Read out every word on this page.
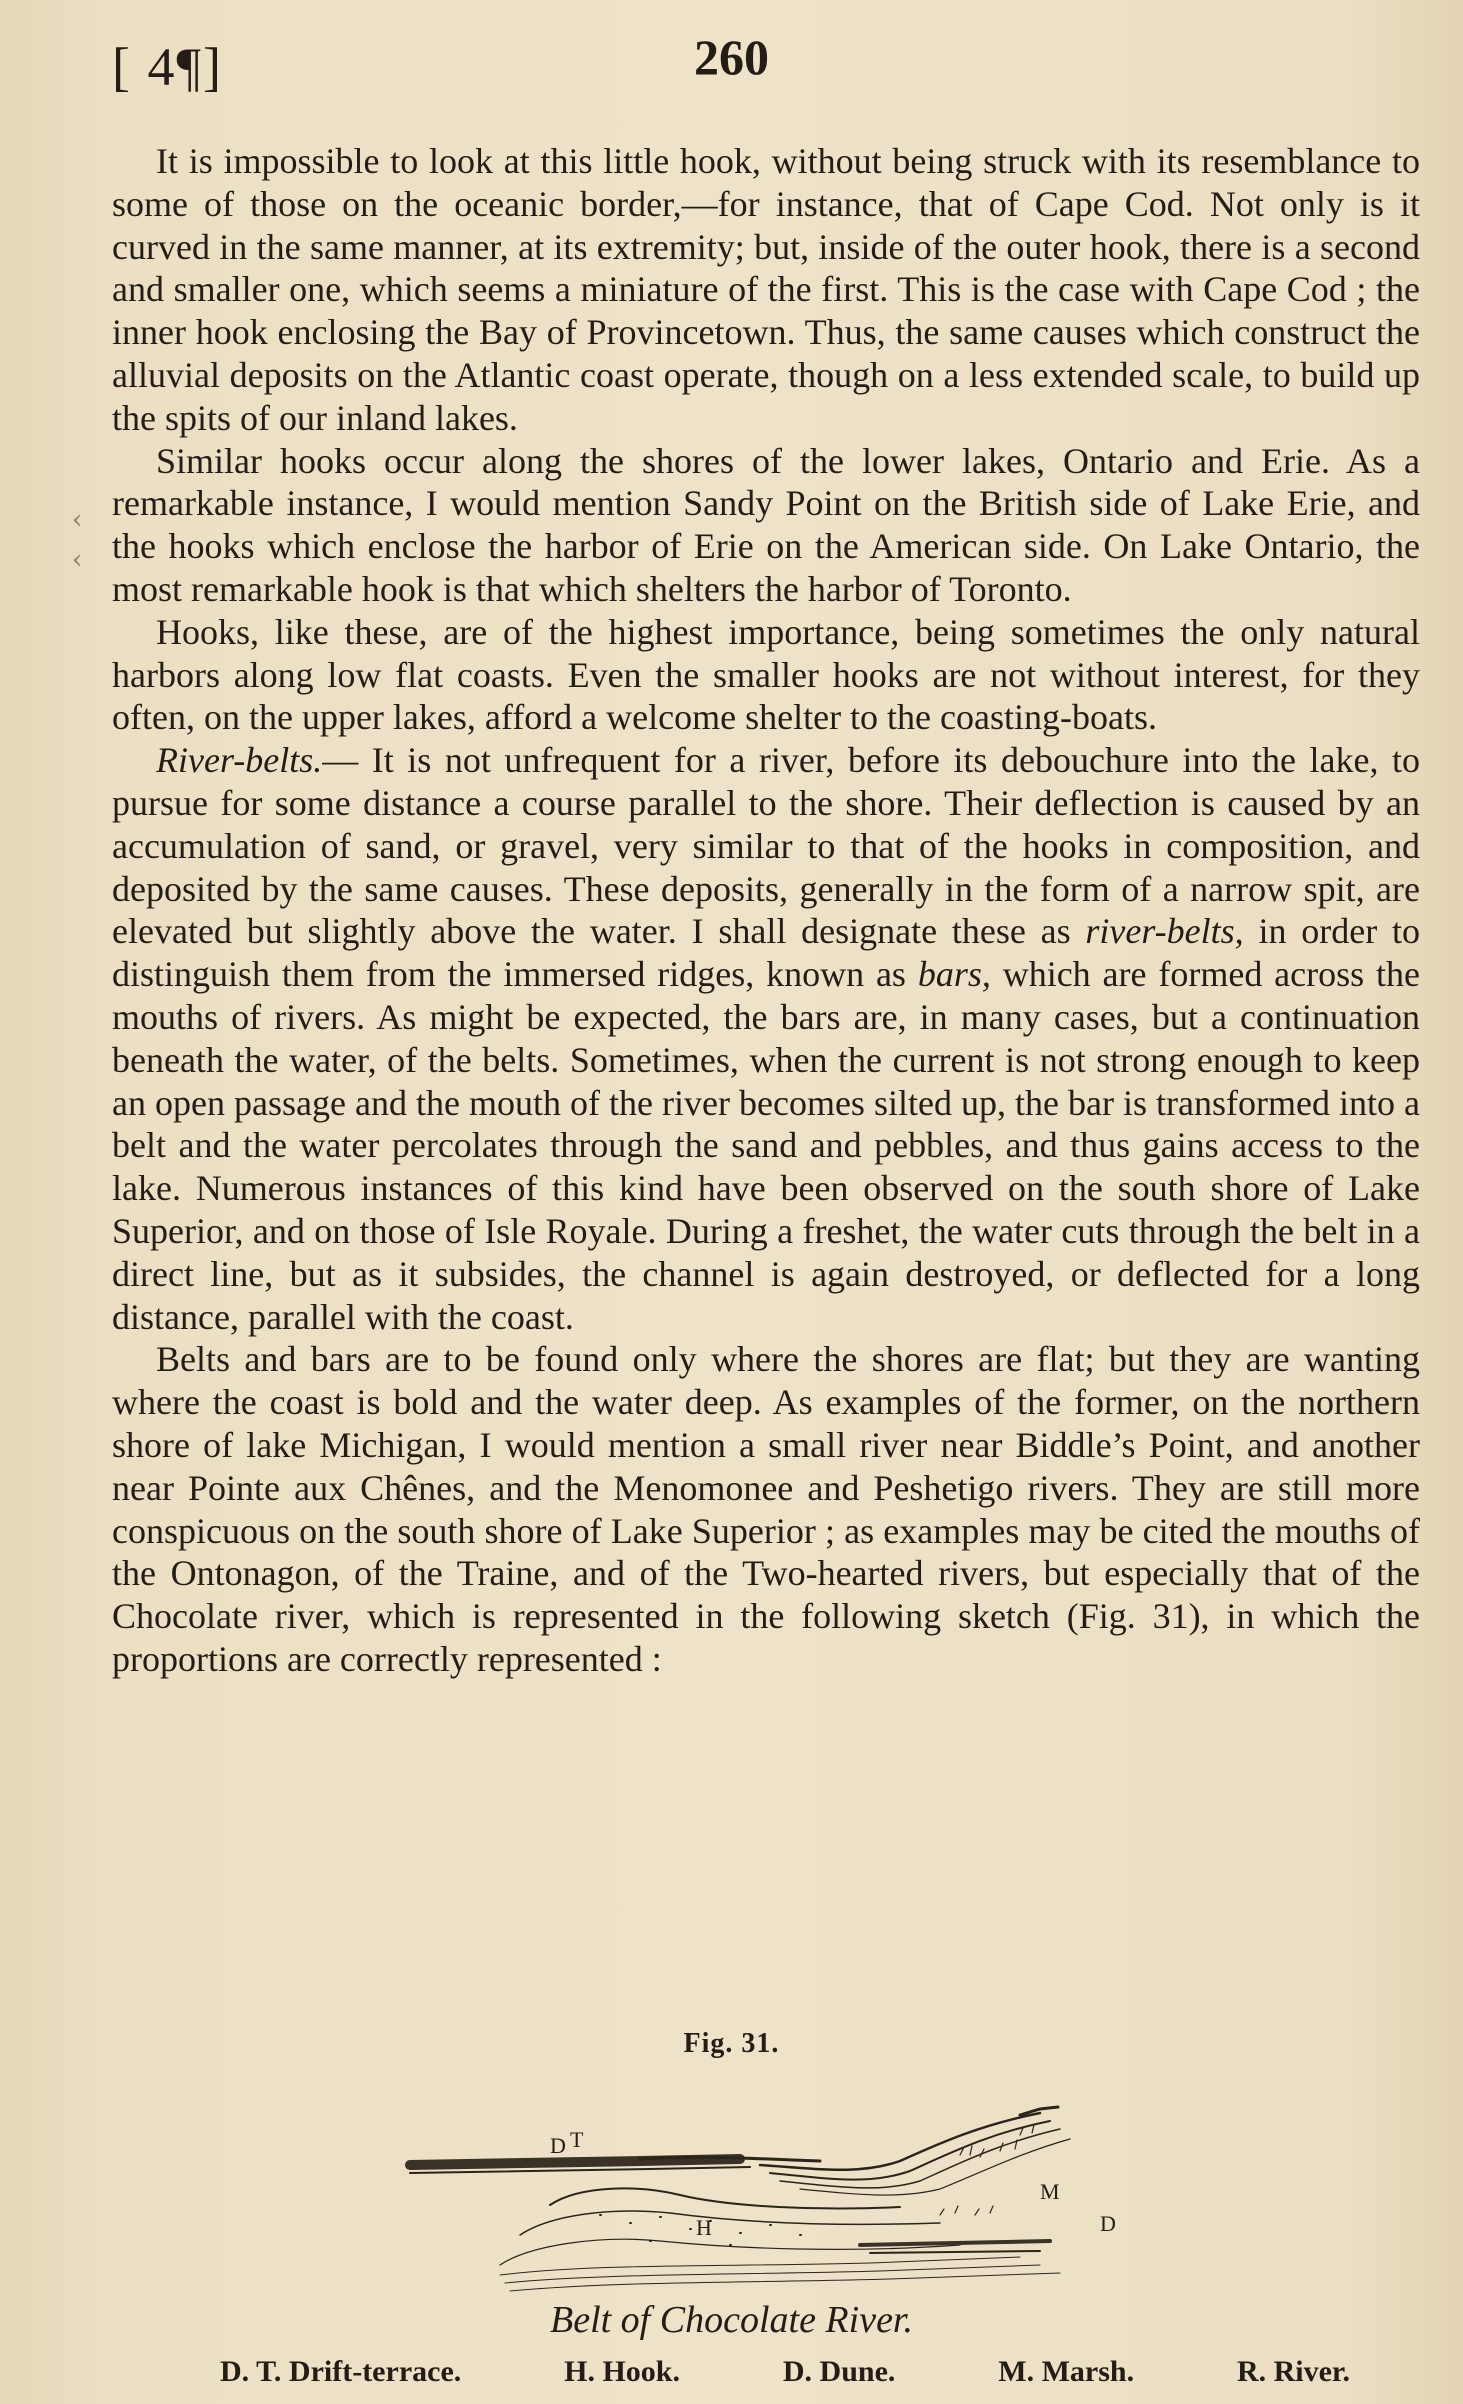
[ 4¶]	260
‹
‹

It is impossible to look at this little hook, without being struck with its resemblance to some of those on the oceanic border,—for instance, that of Cape Cod. Not only is it curved in the same manner, at its extremity; but, inside of the outer hook, there is a second and smaller one, which seems a miniature of the first. This is the case with Cape Cod ; the inner hook enclosing the Bay of Provincetown. Thus, the same causes which construct the alluvial deposits on the Atlantic coast operate, though on a less extended scale, to build up the spits of our inland lakes.

Similar hooks occur along the shores of the lower lakes, Ontario and Erie. As a remarkable instance, I would mention Sandy Point on the British side of Lake Erie, and the hooks which enclose the harbor of Erie on the American side. On Lake Ontario, the most remarkable hook is that which shelters the harbor of Toronto.

Hooks, like these, are of the highest importance, being sometimes the only natural harbors along low flat coasts. Even the smaller hooks are not without interest, for they often, on the upper lakes, afford a welcome shelter to the coasting-boats.

River-belts.— It is not unfrequent for a river, before its debouchure into the lake, to pursue for some distance a course parallel to the shore. Their deflection is caused by an accumulation of sand, or gravel, very similar to that of the hooks in composition, and deposited by the same causes. These deposits, generally in the form of a narrow spit, are elevated but slightly above the water. I shall designate these as river-belts, in order to distinguish them from the immersed ridges, known as bars, which are formed across the mouths of rivers. As might be expected, the bars are, in many cases, but a continuation beneath the water, of the belts. Sometimes, when the current is not strong enough to keep an open passage and the mouth of the river becomes silted up, the bar is transformed into a belt and the water percolates through the sand and pebbles, and thus gains access to the lake. Numerous instances of this kind have been observed on the south shore of Lake Superior, and on those of Isle Royale. During a freshet, the water cuts through the belt in a direct line, but as it subsides, the channel is again destroyed, or deflected for a long distance, parallel with the coast.

Belts and bars are to be found only where the shores are flat; but they are wanting where the coast is bold and the water deep. As examples of the former, on the northern shore of lake Michigan, I would mention a small river near Biddle’s Point, and another near Pointe aux Chênes, and the Menomonee and Peshetigo rivers. They are still more conspicuous on the south shore of Lake Superior ; as examples may be cited the mouths of the Ontonagon, of the Traine, and of the Two-hearted rivers, but especially that of the Chocolate river, which is represented in the following sketch (Fig. 31), in which the proportions are correctly represented :

Fig. 31.
D T
M
H	D
Belt of Chocolate River.
D. T. Drift-terrace.	H. Hook.	D. Dune.	M. Marsh.	R. River.
